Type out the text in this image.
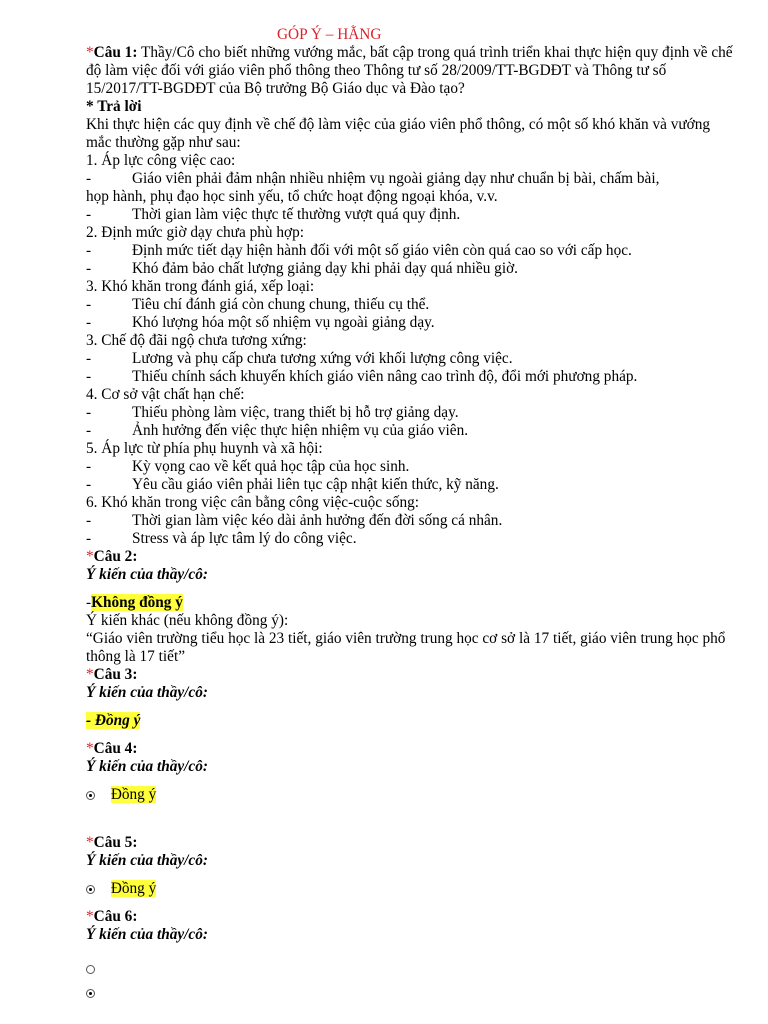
GÓP Ý – HẰNG

*Câu 1: Thầy/Cô cho biết những vướng mắc, bất cập trong quá trình triển khai thực hiện quy định về chế độ làm việc đối với giáo viên phổ thông theo Thông tư số 28/2009/TT-BGDĐT và Thông tư số 15/2017/TT-BGDĐT của Bộ trưởng Bộ Giáo dục và Đào tạo?

* Trả lời

Khi thực hiện các quy định về chế độ làm việc của giáo viên phổ thông, có một số khó khăn và vướng mắc thường gặp như sau:

1. Áp lực công việc cao:

-	Giáo viên phải đảm nhận nhiều nhiệm vụ ngoài giảng dạy như chuẩn bị bài, chấm bài,

họp hành, phụ đạo học sinh yếu, tổ chức hoạt động ngoại khóa, v.v.

-	Thời gian làm việc thực tế thường vượt quá quy định.

2. Định mức giờ dạy chưa phù hợp:

-	Định mức tiết dạy hiện hành đối với một số giáo viên còn quá cao so với cấp học.
-	Khó đảm bảo chất lượng giảng dạy khi phải dạy quá nhiều giờ.

3. Khó khăn trong đánh giá, xếp loại:

-	Tiêu chí đánh giá còn chung chung, thiếu cụ thể.
-	Khó lượng hóa một số nhiệm vụ ngoài giảng dạy.

3. Chế độ đãi ngộ chưa tương xứng:

-	Lương và phụ cấp chưa tương xứng với khối lượng công việc.
-	Thiếu chính sách khuyến khích giáo viên nâng cao trình độ, đổi mới phương pháp.

4. Cơ sở vật chất hạn chế:

-	Thiếu phòng làm việc, trang thiết bị hỗ trợ giảng dạy.
-	Ảnh hưởng đến việc thực hiện nhiệm vụ của giáo viên.

5. Áp lực từ phía phụ huynh và xã hội:

-	Kỳ vọng cao về kết quả học tập của học sinh.
-	Yêu cầu giáo viên phải liên tục cập nhật kiến thức, kỹ năng.

6. Khó khăn trong việc cân bằng công việc-cuộc sống:

-	Thời gian làm việc kéo dài ảnh hưởng đến đời sống cá nhân.
-	Stress và áp lực tâm lý do công việc.

*Câu 2:

Ý kiến của thầy/cô:

-Không đồng ý

Ý kiến khác (nếu không đồng ý):

“Giáo viên trường tiểu học là 23 tiết, giáo viên trường trung học cơ sở là 17 tiết, giáo viên trung học phổ thông là 17 tiết”

*Câu 3:

Ý kiến của thầy/cô:

- Đồng ý

*Câu 4:

Ý kiến của thầy/cô:

Đồng ý

*Câu 5:

Ý kiến của thầy/cô:

Đồng ý

*Câu 6:

Ý kiến của thầy/cô:
